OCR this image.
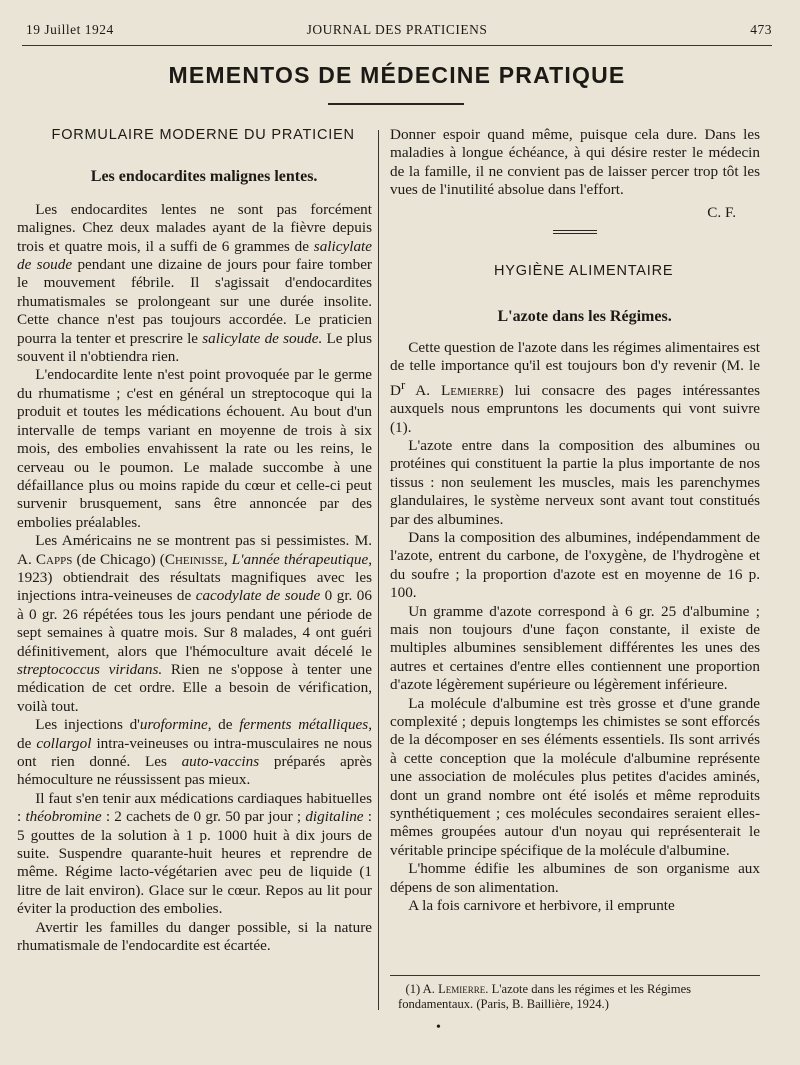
19 Juillet 1924	JOURNAL DES PRATICIENS	473
MEMENTOS DE MÉDECINE PRATIQUE

FORMULAIRE MODERNE DU PRATICIEN

Les endocardites malignes lentes.

Les endocardites lentes ne sont pas forcément malignes. Chez deux malades ayant de la fièvre depuis trois et quatre mois, il a suffi de 6 grammes de salicylate de soude pendant une dizaine de jours pour faire tomber le mouvement fébrile. Il s'agissait d'endocardites rhumatismales se prolongeant sur une durée insolite. Cette chance n'est pas toujours accordée. Le praticien pourra la tenter et prescrire le salicylate de soude. Le plus souvent il n'obtiendra rien.

L'endocardite lente n'est point provoquée par le germe du rhumatisme ; c'est en général un streptocoque qui la produit et toutes les médications échouent. Au bout d'un intervalle de temps variant en moyenne de trois à six mois, des embolies envahissent la rate ou les reins, le cerveau ou le poumon. Le malade succombe à une défaillance plus ou moins rapide du cœur et celle-ci peut survenir brusquement, sans être annoncée par des embolies préalables.

Les Américains ne se montrent pas si pessimistes. M. A. Capps (de Chicago) (Cheinisse, L'année thérapeutique, 1923) obtiendrait des résultats magnifiques avec les injections intra-veineuses de cacodylate de soude 0 gr. 06 à 0 gr. 26 répétées tous les jours pendant une période de sept semaines à quatre mois. Sur 8 malades, 4 ont guéri définitivement, alors que l'hémoculture avait décelé le streptococcus viridans. Rien ne s'oppose à tenter une médication de cet ordre. Elle a besoin de vérification, voilà tout.

Les injections d'uroformine, de ferments métalliques, de collargol intra-veineuses ou intra-musculaires ne nous ont rien donné. Les auto-vaccins préparés après hémoculture ne réussissent pas mieux.

Il faut s'en tenir aux médications cardiaques habituelles : théobromine : 2 cachets de 0 gr. 50 par jour ; digitaline : 5 gouttes de la solution à 1 p. 1000 huit à dix jours de suite. Suspendre quarante-huit heures et reprendre de même. Régime lacto-végétarien avec peu de liquide (1 litre de lait environ). Glace sur le cœur. Repos au lit pour éviter la production des embolies.

Avertir les familles du danger possible, si la nature rhumatismale de l'endocardite est écartée.

Donner espoir quand même, puisque cela dure. Dans les maladies à longue échéance, à qui désire rester le médecin de la famille, il ne convient pas de laisser percer trop tôt les vues de l'inutilité absolue dans l'effort.

C. F.

HYGIÈNE ALIMENTAIRE

L'azote dans les Régimes.

Cette question de l'azote dans les régimes alimentaires est de telle importance qu'il est toujours bon d'y revenir (M. le $D^r$ A. Lemierre) lui consacre des pages intéressantes auxquels nous empruntons les documents qui vont suivre (1).

L'azote entre dans la composition des albumines ou protéines qui constituent la partie la plus importante de nos tissus : non seulement les muscles, mais les parenchymes glandulaires, le système nerveux sont avant tout constitués par des albumines.

Dans la composition des albumines, indépendamment de l'azote, entrent du carbone, de l'oxygène, de l'hydrogène et du soufre ; la proportion d'azote est en moyenne de 16 p. 100.

Un gramme d'azote correspond à 6 gr. 25 d'albumine ; mais non toujours d'une façon constante, il existe de multiples albumines sensiblement différentes les unes des autres et certaines d'entre elles contiennent une proportion d'azote légèrement supérieure ou légèrement inférieure.

La molécule d'albumine est très grosse et d'une grande complexité ; depuis longtemps les chimistes se sont efforcés de la décomposer en ses éléments essentiels. Ils sont arrivés à cette conception que la molécule d'albumine représente une association de molécules plus petites d'acides aminés, dont un grand nombre ont été isolés et même reproduits synthétiquement ; ces molécules secondaires seraient elles-mêmes groupées autour d'un noyau qui représenterait le véritable principe spécifique de la molécule d'albumine.

L'homme édifie les albumines de son organisme aux dépens de son alimentation.

A la fois carnivore et herbivore, il emprunte

(1) A. Lemierre. L'azote dans les régimes et les Régimes fondamentaux. (Paris, B. Baillière, 1924.)
•
